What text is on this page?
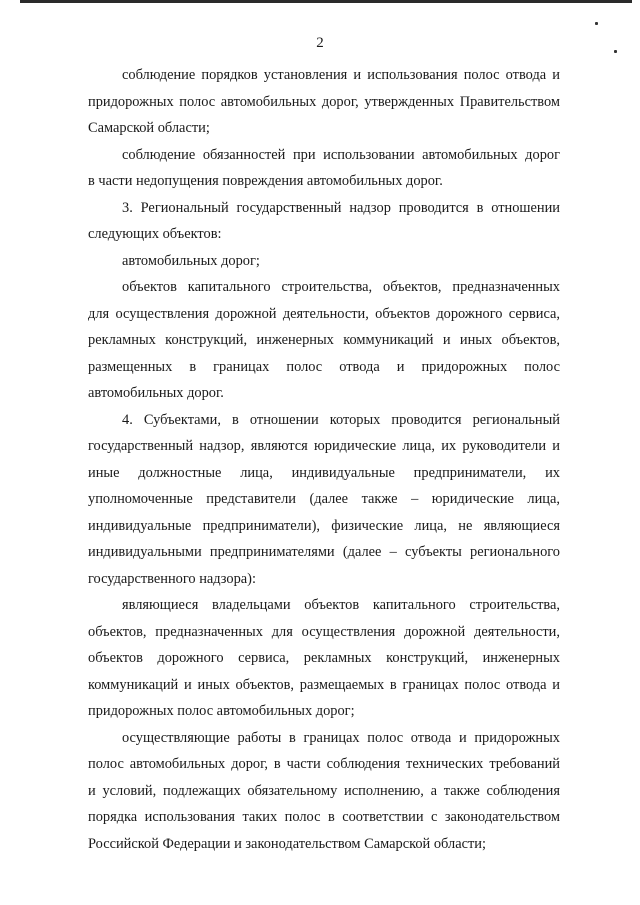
2
соблюдение порядков установления и использования полос отвода и
придорожных полос автомобильных дорог, утвержденных Правительством
Самарской области;
соблюдение обязанностей при использовании автомобильных дорог
в части недопущения повреждения автомобильных дорог.
3. Региональный государственный надзор проводится в отношении
следующих объектов:
автомобильных дорог;
объектов капитального строительства, объектов, предназначенных
для осуществления дорожной деятельности, объектов дорожного сервиса,
рекламных конструкций, инженерных коммуникаций и иных объектов,
размещенных в границах полос отвода и придорожных полос
автомобильных дорог.
4. Субъектами, в отношении которых проводится региональный
государственный надзор, являются юридические лица, их руководители и
иные должностные лица, индивидуальные предприниматели, их
уполномоченные представители (далее также – юридические лица,
индивидуальные предприниматели), физические лица, не являющиеся
индивидуальными предпринимателями (далее – субъекты регионального
государственного надзора):
являющиеся владельцами объектов капитального строительства,
объектов, предназначенных для осуществления дорожной деятельности,
объектов дорожного сервиса, рекламных конструкций, инженерных
коммуникаций и иных объектов, размещаемых в границах полос отвода и
придорожных полос автомобильных дорог;
осуществляющие работы в границах полос отвода и придорожных
полос автомобильных дорог, в части соблюдения технических требований
и условий, подлежащих обязательному исполнению, а также соблюдения
порядка использования таких полос в соответствии с законодательством
Российской Федерации и законодательством Самарской области;
